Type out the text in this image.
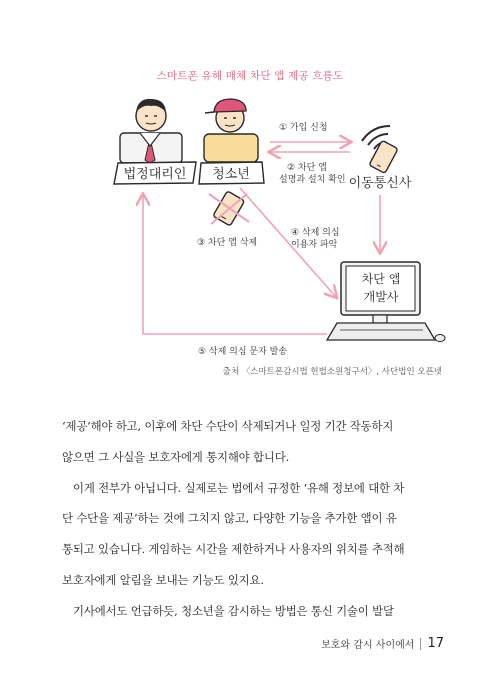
스마트폰 유해 매체 차단 앱 제공 흐름도
법정대리인 청소년
이동통신사
차단 앱
개발사
① 가입 신청
② 차단 앱
설명과 설치 확인
③ 차단 앱 삭제
④ 삭제 의심
이용자 파악
⑤ 삭제 의심 문자 발송
출처 〈스마트폰감시법 헌법소원청구서〉, 사단법인 오픈넷

‘제공’해야 하고, 이후에 차단 수단이 삭제되거나 일정 기간 작동하지

않으면 그 사실을 보호자에게 통지해야 합니다.

이게 전부가 아닙니다. 실제로는 법에서 규정한 ‘유해 정보에 대한 차

단 수단을 제공’하는 것에 그치지 않고, 다양한 기능을 추가한 앱이 유

통되고 있습니다. 게임하는 시간을 제한하거나 사용자의 위치를 추적해

보호자에게 알림을 보내는 기능도 있지요.

기사에서도 언급하듯, 청소년을 감시하는 방법은 통신 기술이 발달

보호와 감시 사이에서 17
